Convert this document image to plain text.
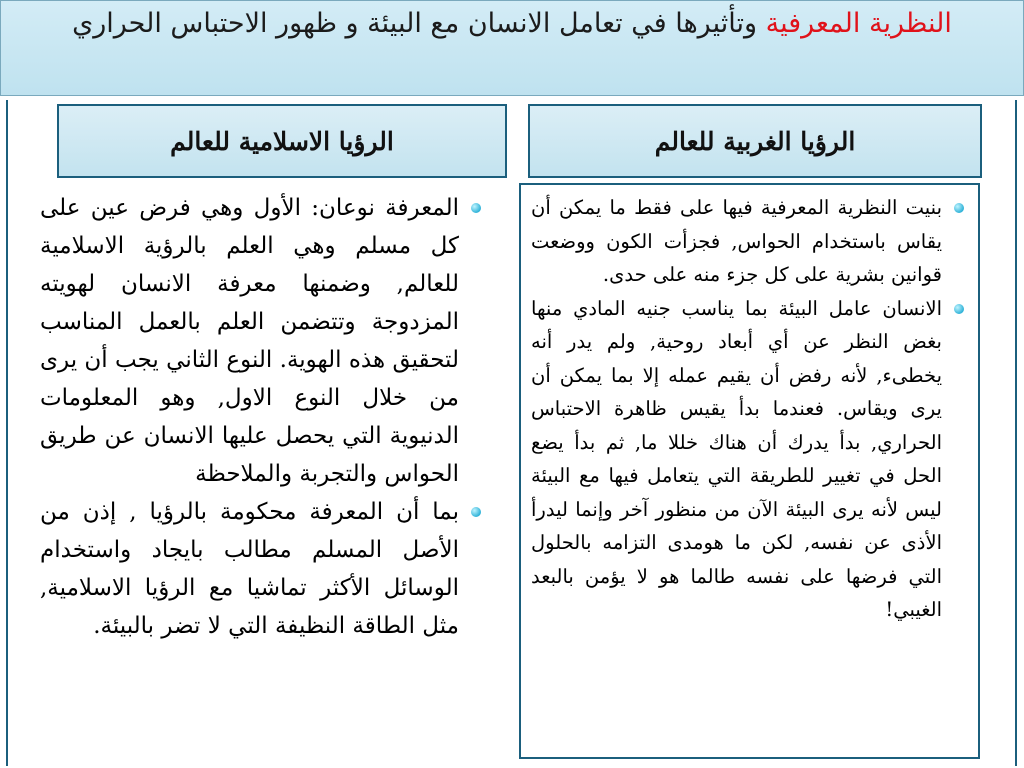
النظرية المعرفية وتأثيرها في تعامل الانسان مع البيئة و ظهور الاحتباس الحراري
الرؤيا الغربية للعالم
الرؤيا الاسلامية للعالم
بنيت النظرية المعرفية فيها على فقط ما يمكن أن يقاس باستخدام الحواس, فجزأت الكون ووضعت قوانين بشرية على كل جزء منه على حدى.
الانسان عامل البيئة بما يناسب جنيه المادي منها بغض النظر عن أي أبعاد روحية, ولم يدر أنه يخطىء, لأنه رفض أن يقيم عمله إلا بما يمكن أن يرى ويقاس. فعندما بدأ يقيس ظاهرة الاحتباس الحراري, بدأ يدرك أن هناك خللا ما, ثم بدأ يضع الحل في تغيير للطريقة التي يتعامل فيها مع البيئة ليس لأنه يرى البيئة الآن من منظور آخر وإنما ليدرأ الأذى عن نفسه, لكن ما هومدى التزامه بالحلول التي فرضها على نفسه طالما هو لا يؤمن بالبعد الغيبي!
المعرفة نوعان: الأول وهي فرض عين على كل مسلم وهي العلم بالرؤية الاسلامية للعالم, وضمنها معرفة الانسان لهويته المزدوجة وتتضمن العلم بالعمل المناسب لتحقيق هذه الهوية. النوع الثاني يجب أن يرى من خلال النوع الاول, وهو المعلومات الدنيوية التي يحصل عليها الانسان عن طريق الحواس والتجربة والملاحظة
بما أن المعرفة محكومة بالرؤيا , إذن من الأصل المسلم مطالب بايجاد واستخدام الوسائل الأكثر تماشيا مع الرؤيا الاسلامية, مثل الطاقة النظيفة التي لا تضر بالبيئة.
